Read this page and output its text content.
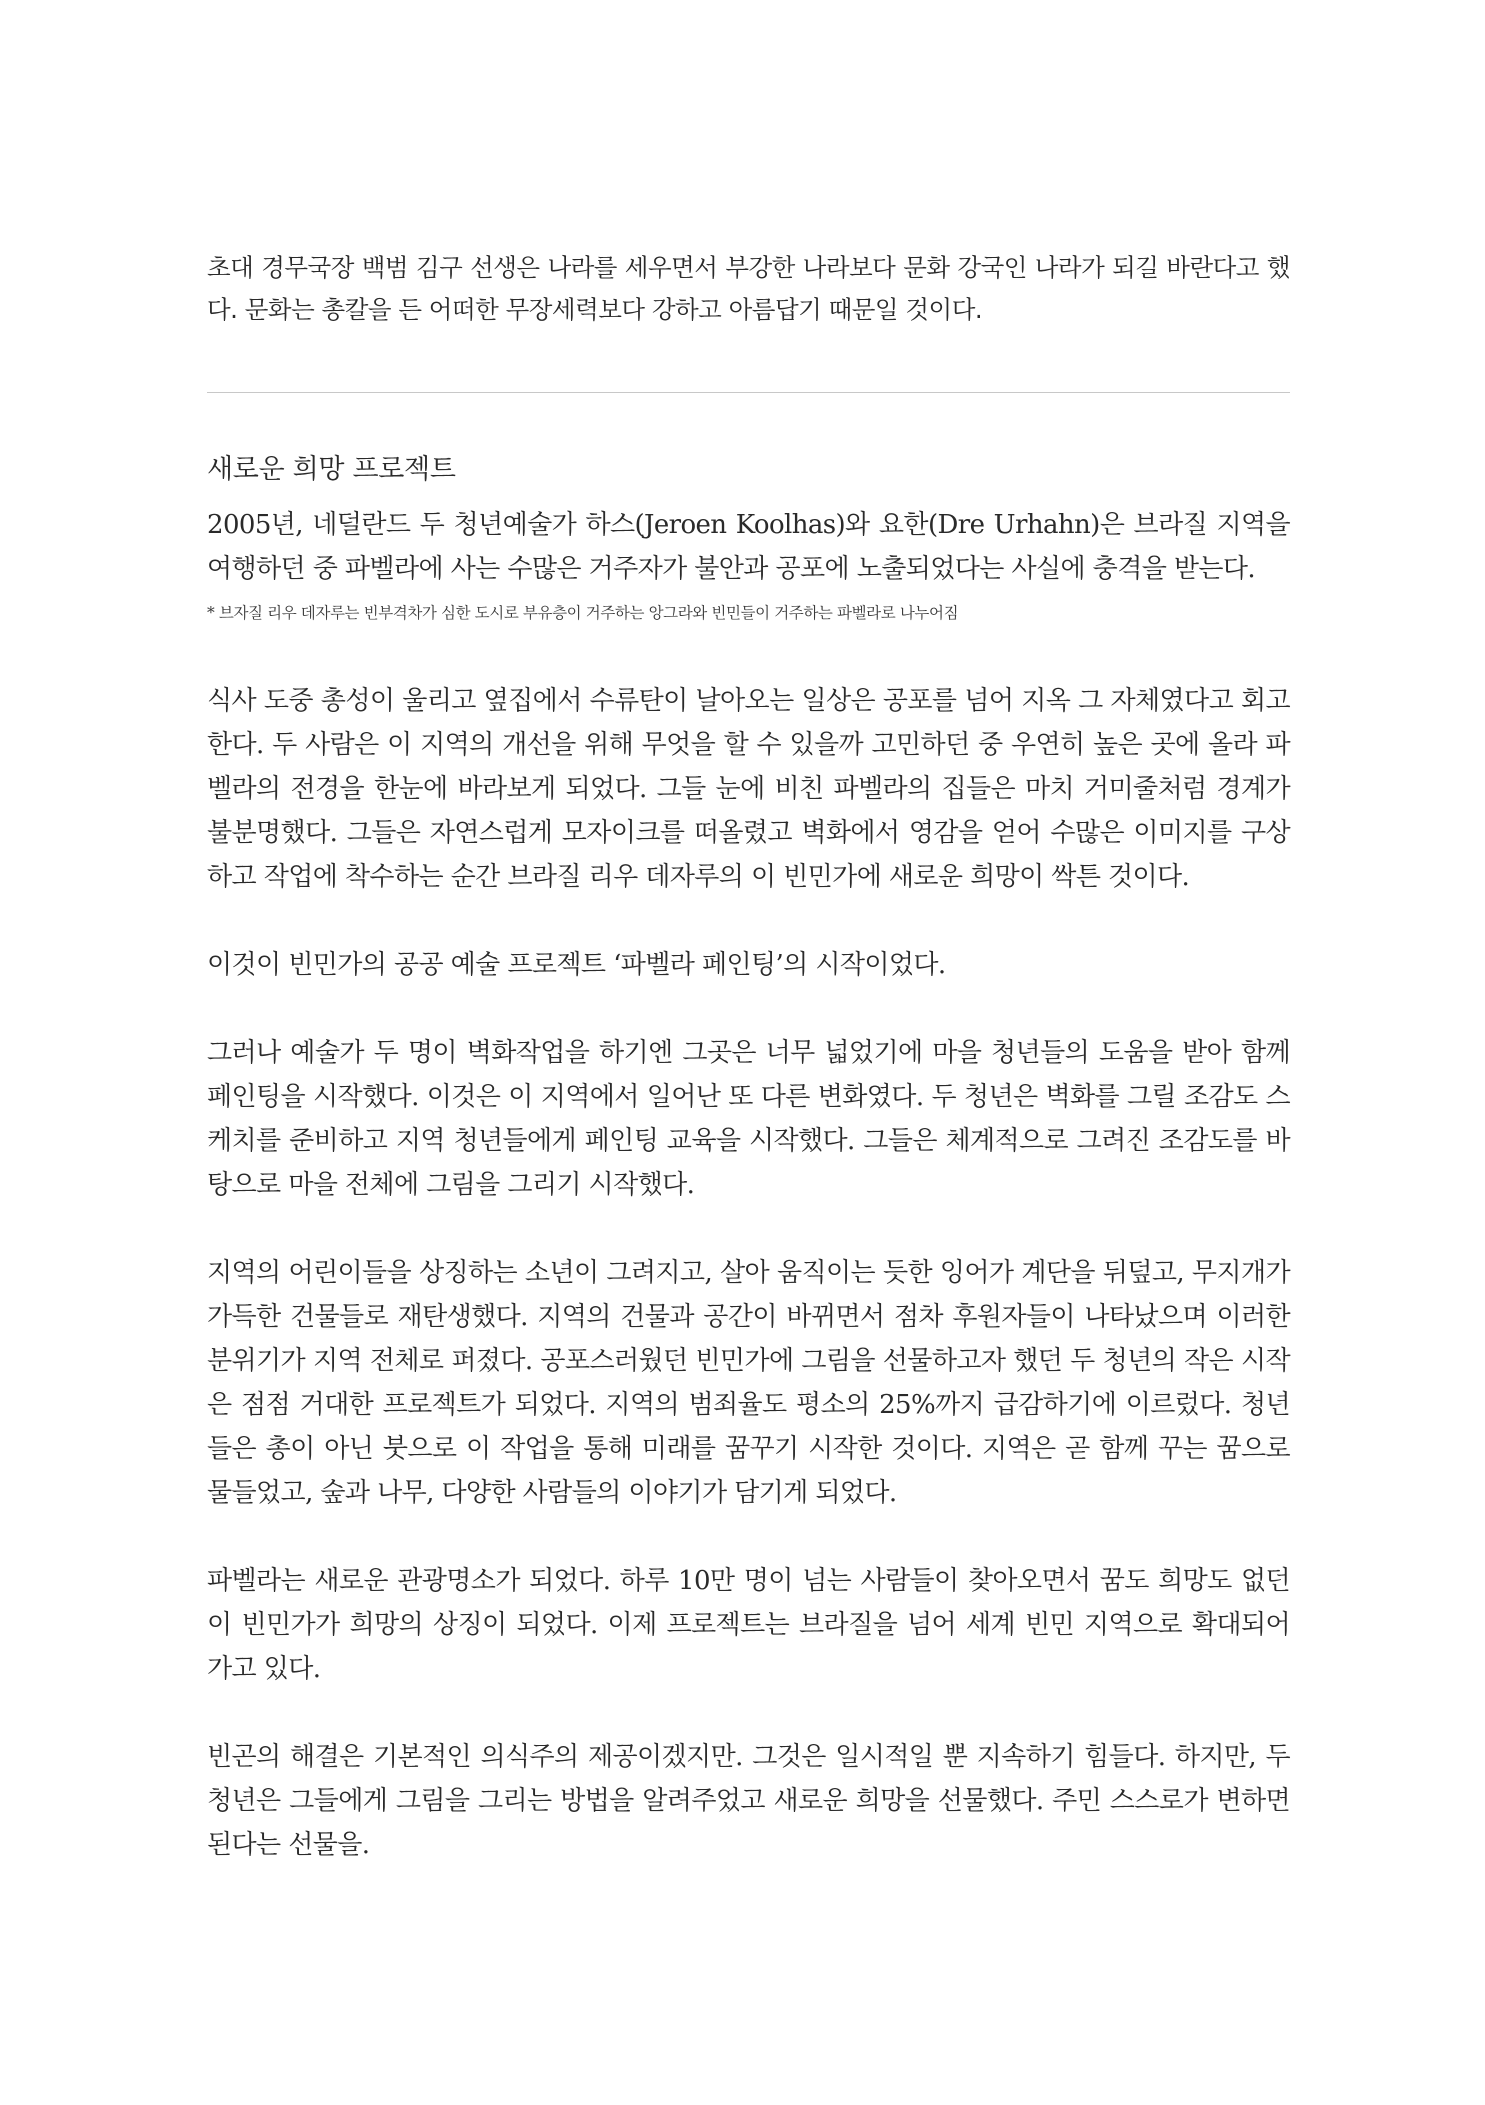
초대 경무국장 백범 김구 선생은 나라를 세우면서 부강한 나라보다 문화 강국인 나라가 되길 바란다고 했다. 문화는 총칼을 든 어떠한 무장세력보다 강하고 아름답기 때문일 것이다.

새로운 희망 프로젝트

2005년, 네덜란드 두 청년예술가 하스(Jeroen Koolhas)와 요한(Dre Urhahn)은 브라질 지역을 여행하던 중 파벨라에 사는 수많은 거주자가 불안과 공포에 노출되었다는 사실에 충격을 받는다.

* 브자질 리우 데자루는 빈부격차가 심한 도시로 부유층이 거주하는 앙그라와 빈민들이 거주하는 파벨라로 나누어짐

식사 도중 총성이 울리고 옆집에서 수류탄이 날아오는 일상은 공포를 넘어 지옥 그 자체였다고 회고한다. 두 사람은 이 지역의 개선을 위해 무엇을 할 수 있을까 고민하던 중 우연히 높은 곳에 올라 파벨라의 전경을 한눈에 바라보게 되었다. 그들 눈에 비친 파벨라의 집들은 마치 거미줄처럼 경계가 불분명했다. 그들은 자연스럽게 모자이크를 떠올렸고 벽화에서 영감을 얻어 수많은 이미지를 구상하고 작업에 착수하는 순간 브라질 리우 데자루의 이 빈민가에 새로운 희망이 싹튼 것이다.

이것이 빈민가의 공공 예술 프로젝트 ‘파벨라 페인팅’의 시작이었다.

그러나 예술가 두 명이 벽화작업을 하기엔 그곳은 너무 넓었기에 마을 청년들의 도움을 받아 함께 페인팅을 시작했다. 이것은 이 지역에서 일어난 또 다른 변화였다. 두 청년은 벽화를 그릴 조감도 스케치를 준비하고 지역 청년들에게 페인팅 교육을 시작했다. 그들은 체계적으로 그려진 조감도를 바탕으로 마을 전체에 그림을 그리기 시작했다.

지역의 어린이들을 상징하는 소년이 그려지고, 살아 움직이는 듯한 잉어가 계단을 뒤덮고, 무지개가 가득한 건물들로 재탄생했다. 지역의 건물과 공간이 바뀌면서 점차 후원자들이 나타났으며 이러한 분위기가 지역 전체로 퍼졌다. 공포스러웠던 빈민가에 그림을 선물하고자 했던 두 청년의 작은 시작은 점점 거대한 프로젝트가 되었다. 지역의 범죄율도 평소의 25%까지 급감하기에 이르렀다. 청년들은 총이 아닌 붓으로 이 작업을 통해 미래를 꿈꾸기 시작한 것이다. 지역은 곧 함께 꾸는 꿈으로 물들었고, 숲과 나무, 다양한 사람들의 이야기가 담기게 되었다.

파벨라는 새로운 관광명소가 되었다. 하루 10만 명이 넘는 사람들이 찾아오면서 꿈도 희망도 없던 이 빈민가가 희망의 상징이 되었다. 이제 프로젝트는 브라질을 넘어 세계 빈민 지역으로 확대되어 가고 있다.

빈곤의 해결은 기본적인 의식주의 제공이겠지만. 그것은 일시적일 뿐 지속하기 힘들다. 하지만, 두 청년은 그들에게 그림을 그리는 방법을 알려주었고 새로운 희망을 선물했다. 주민 스스로가 변하면 된다는 선물을.
